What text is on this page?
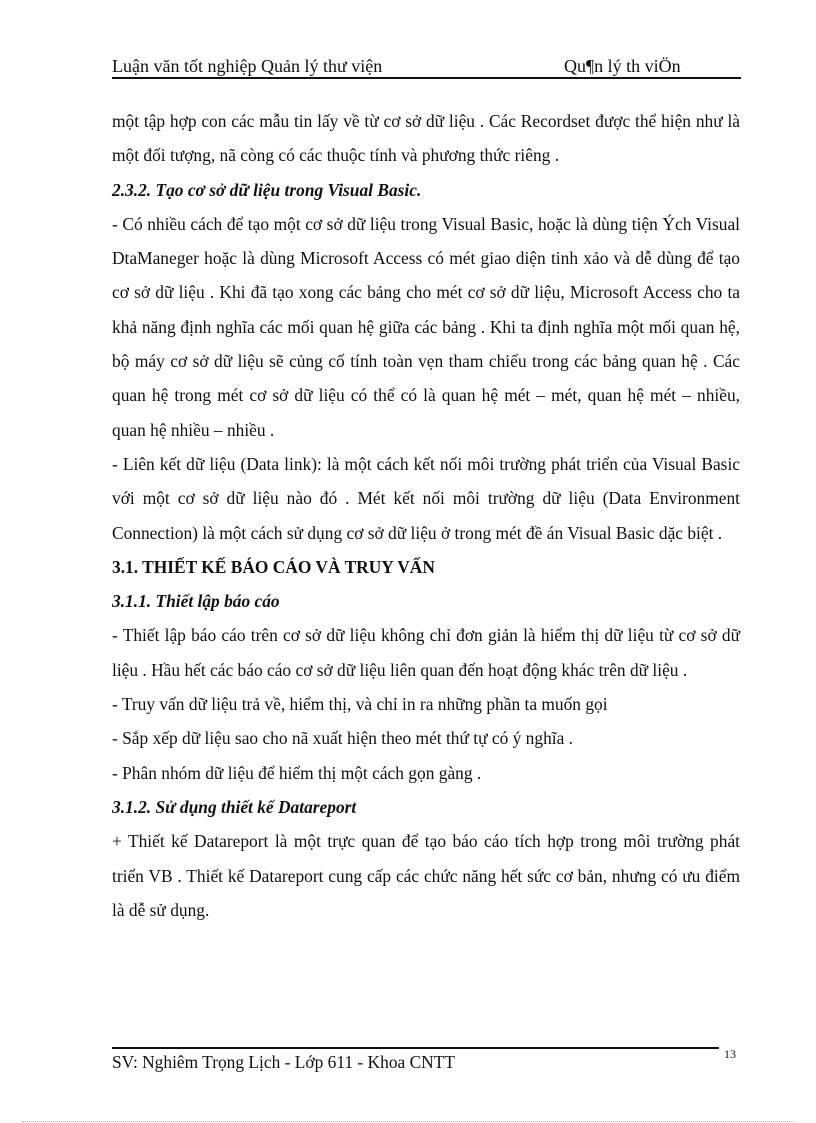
Luận văn tốt nghiệp Quản lý thư viện	Qu¶n lý th viÖn

một tập hợp con các mẫu tin lấy về từ cơ sở dữ liệu . Các Recordset được thể hiện như là một đối tượng, nã còng có các thuộc tính và phương thức riêng .

2.3.2. Tạo cơ sở dữ liệu trong Visual Basic.

- Có nhiều cách để tạo một cơ sở dữ liệu trong Visual Basic, hoặc là dùng tiện Ých Visual DtaManeger hoặc là dùng Microsoft Access có mét giao diện tinh xảo và dễ dùng để tạo cơ sở dữ liệu . Khi đã tạo xong các bảng cho mét cơ sở dữ liệu, Microsoft Access cho ta khả năng định nghĩa các mối quan hệ giữa các bảng . Khi ta định nghĩa một mối quan hệ, bộ máy cơ sở dữ liệu sẽ củng cố tính toàn vẹn tham chiếu trong các bảng quan hệ . Các quan hệ trong mét cơ sở dữ liệu có thể có là quan hệ mét – mét, quan hệ mét – nhiều, quan hệ nhiều – nhiều .

- Liên kết dữ liệu (Data link): là một cách kết nối môi trường phát triển của Visual Basic với một cơ sở dữ liệu nào đó . Mét kết nối môi trường dữ liệu (Data Environment Connection) là một cách sử dụng cơ sở dữ liệu ở trong mét đề án Visual Basic dặc biệt .

3.1. THIẾT KẾ BÁO CÁO VÀ TRUY VẤN

3.1.1. Thiết lập báo cáo

- Thiết lập báo cáo trên cơ sở dữ liệu không chỉ đơn giản là hiểm thị dữ liệu từ cơ sở dữ liệu . Hầu hết các báo cáo cơ sở dữ liệu liên quan đến hoạt động khác trên dữ liệu .

- Truy vấn dữ liệu trả về, hiểm thị, và chỉ in ra những phần ta muốn gọi

- Sắp xếp dữ liệu sao cho nã xuất hiện theo mét thứ tự có ý nghĩa .

- Phân nhóm dữ liệu để hiểm thị một cách gọn gàng .

3.1.2. Sử dụng thiết kế Datareport

+ Thiết kế Datareport là một trực quan để tạo báo cáo tích hợp trong môi trường phát triển VB . Thiết kế Datareport cung cấp các chức năng hết sức cơ bản, nhưng có ưu điểm là dễ sử dụng.

SV: Nghiêm Trọng Lịch - Lớp 611 - Khoa CNTT	13
